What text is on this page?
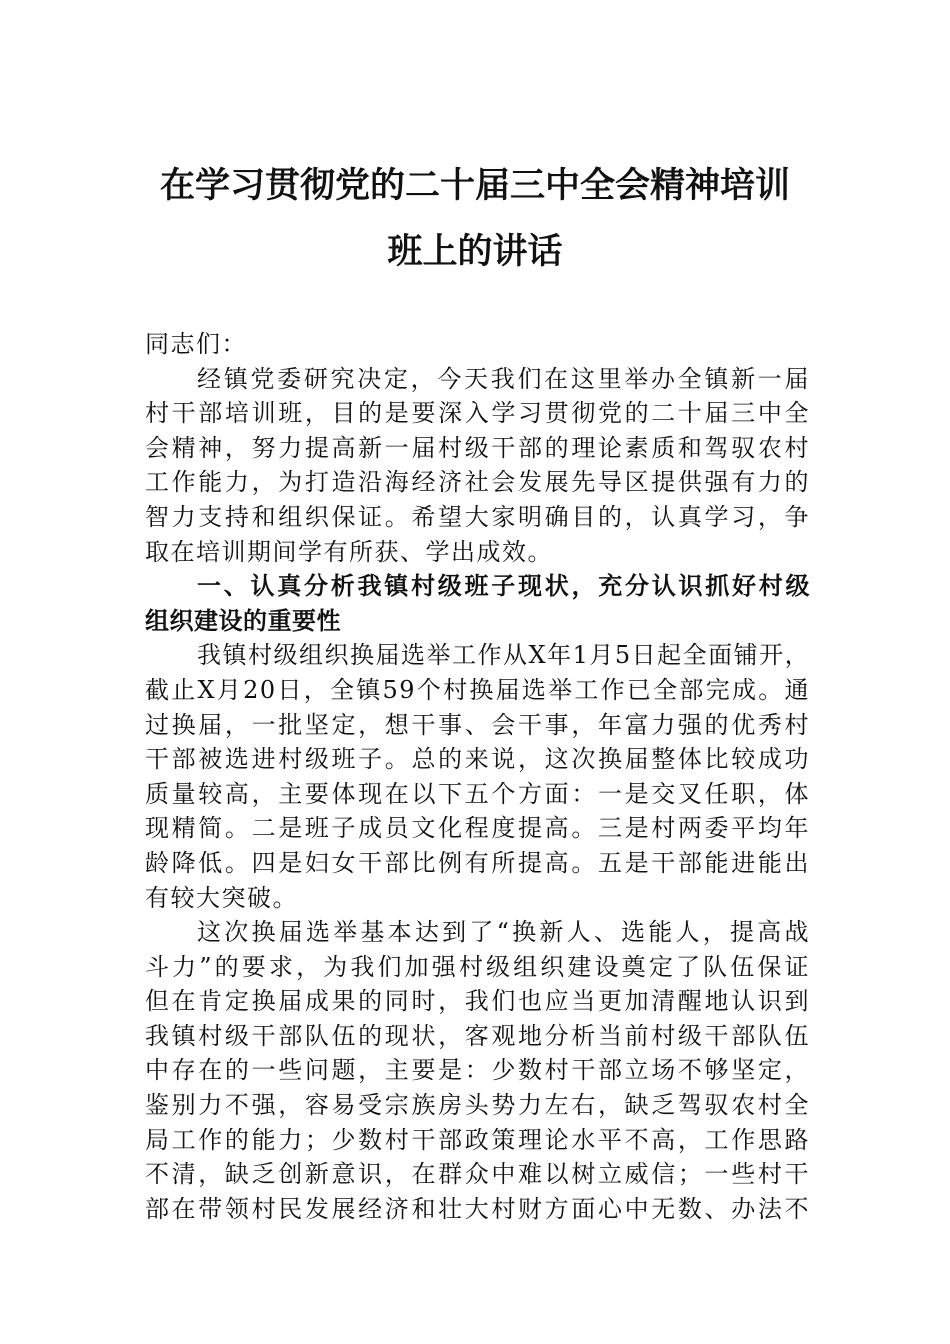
在学习贯彻党的二十届三中全会精神培训
班上的讲话
同志们：
经镇党委研究决定，今天我们在这里举办全镇新一届
村干部培训班，目的是要深入学习贯彻党的二十届三中全
会精神，努力提高新一届村级干部的理论素质和驾驭农村
工作能力，为打造沿海经济社会发展先导区提供强有力的
智力支持和组织保证。希望大家明确目的，认真学习，争
取在培训期间学有所获、学出成效。
一、认真分析我镇村级班子现状，充分认识抓好村级
组织建设的重要性
我镇村级组织换届选举工作从X年1月5日起全面铺开，
截止X月20日，全镇59个村换届选举工作已全部完成。通
过换届，一批坚定，想干事、会干事，年富力强的优秀村
干部被选进村级班子。总的来说，这次换届整体比较成功
质量较高，主要体现在以下五个方面：一是交叉任职，体
现精简。二是班子成员文化程度提高。三是村两委平均年
龄降低。四是妇女干部比例有所提高。五是干部能进能出
有较大突破。
这次换届选举基本达到了“换新人、选能人，提高战
斗力”的要求，为我们加强村级组织建设奠定了队伍保证
但在肯定换届成果的同时，我们也应当更加清醒地认识到
我镇村级干部队伍的现状，客观地分析当前村级干部队伍
中存在的一些问题，主要是：少数村干部立场不够坚定，
鉴别力不强，容易受宗族房头势力左右，缺乏驾驭农村全
局工作的能力；少数村干部政策理论水平不高，工作思路
不清，缺乏创新意识，在群众中难以树立威信；一些村干
部在带领村民发展经济和壮大村财方面心中无数、办法不
